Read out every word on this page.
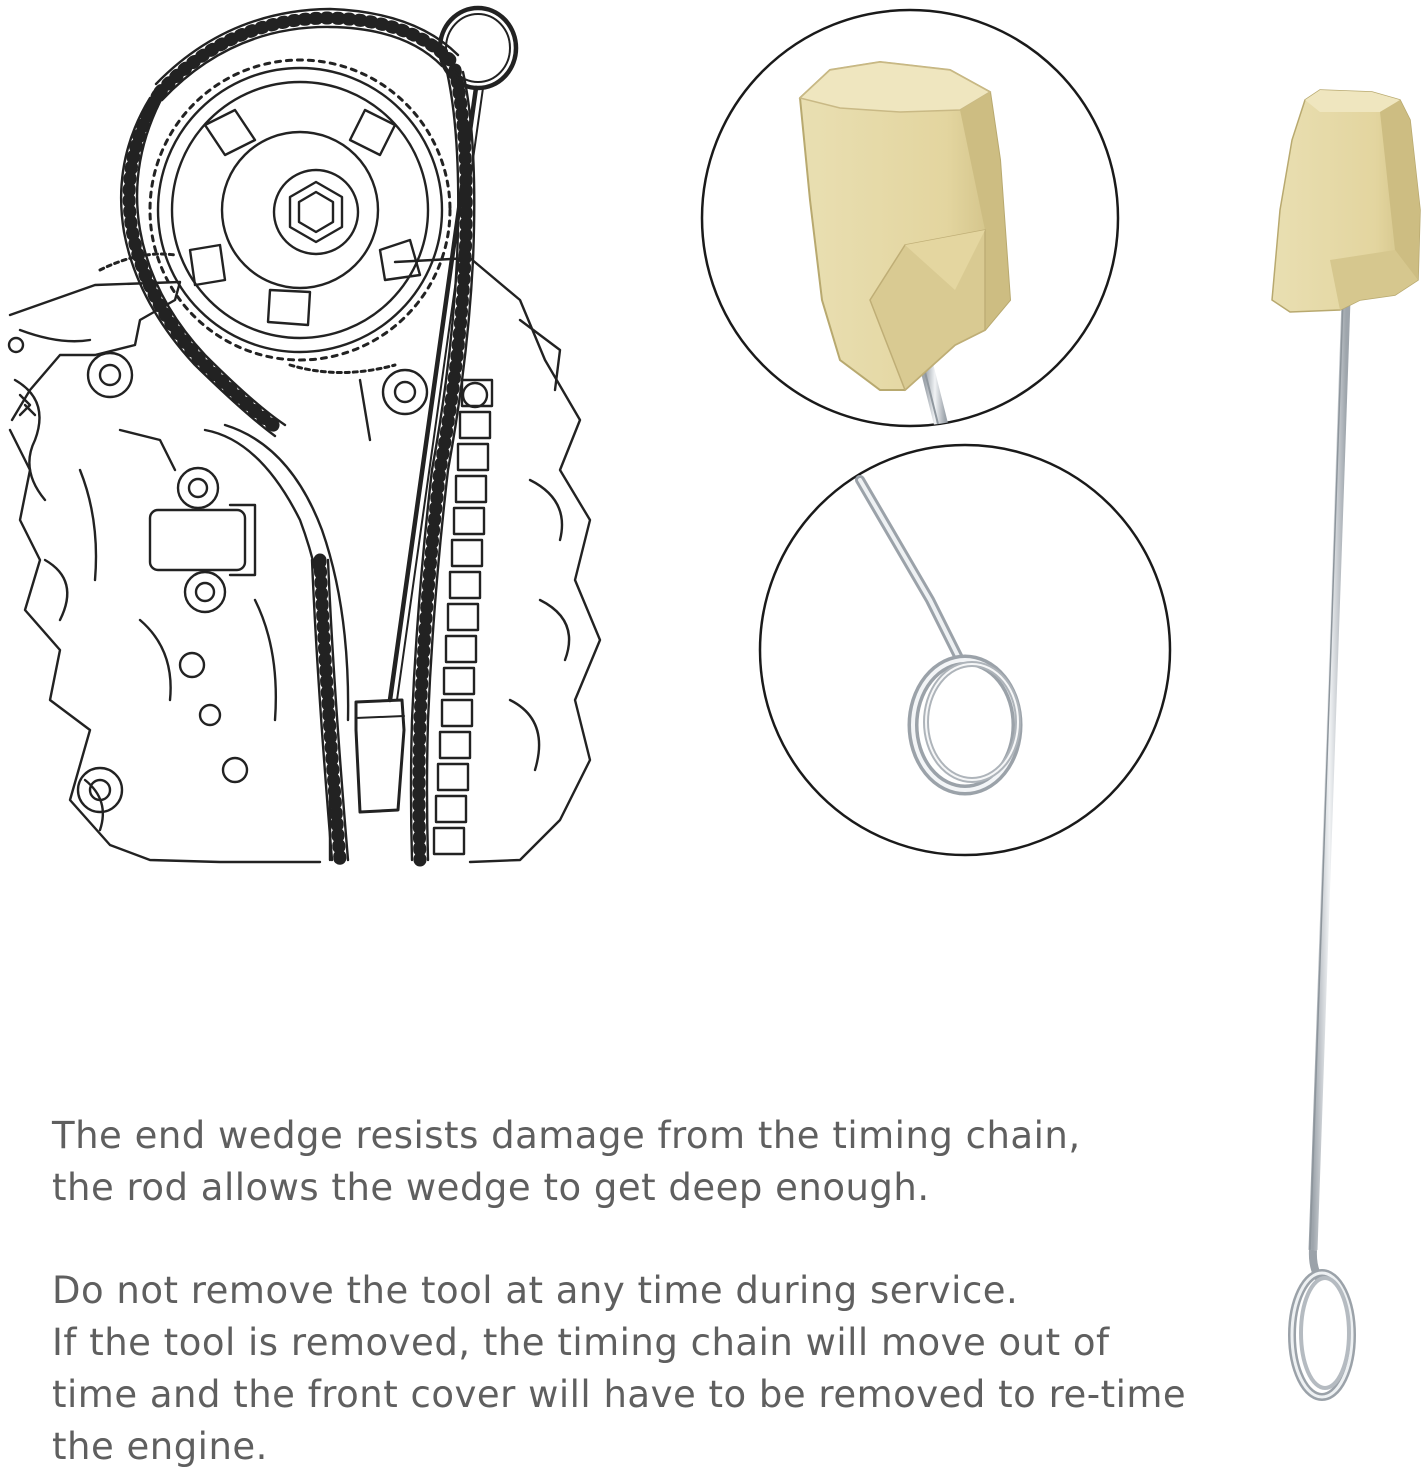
The end wedge resists damage from the timing chain,
the rod allows the wedge to get deep enough.
Do not remove the tool at any time during service.
If the tool is removed, the timing chain will move out of
time and the front cover will have to be removed to re-time
the engine.
